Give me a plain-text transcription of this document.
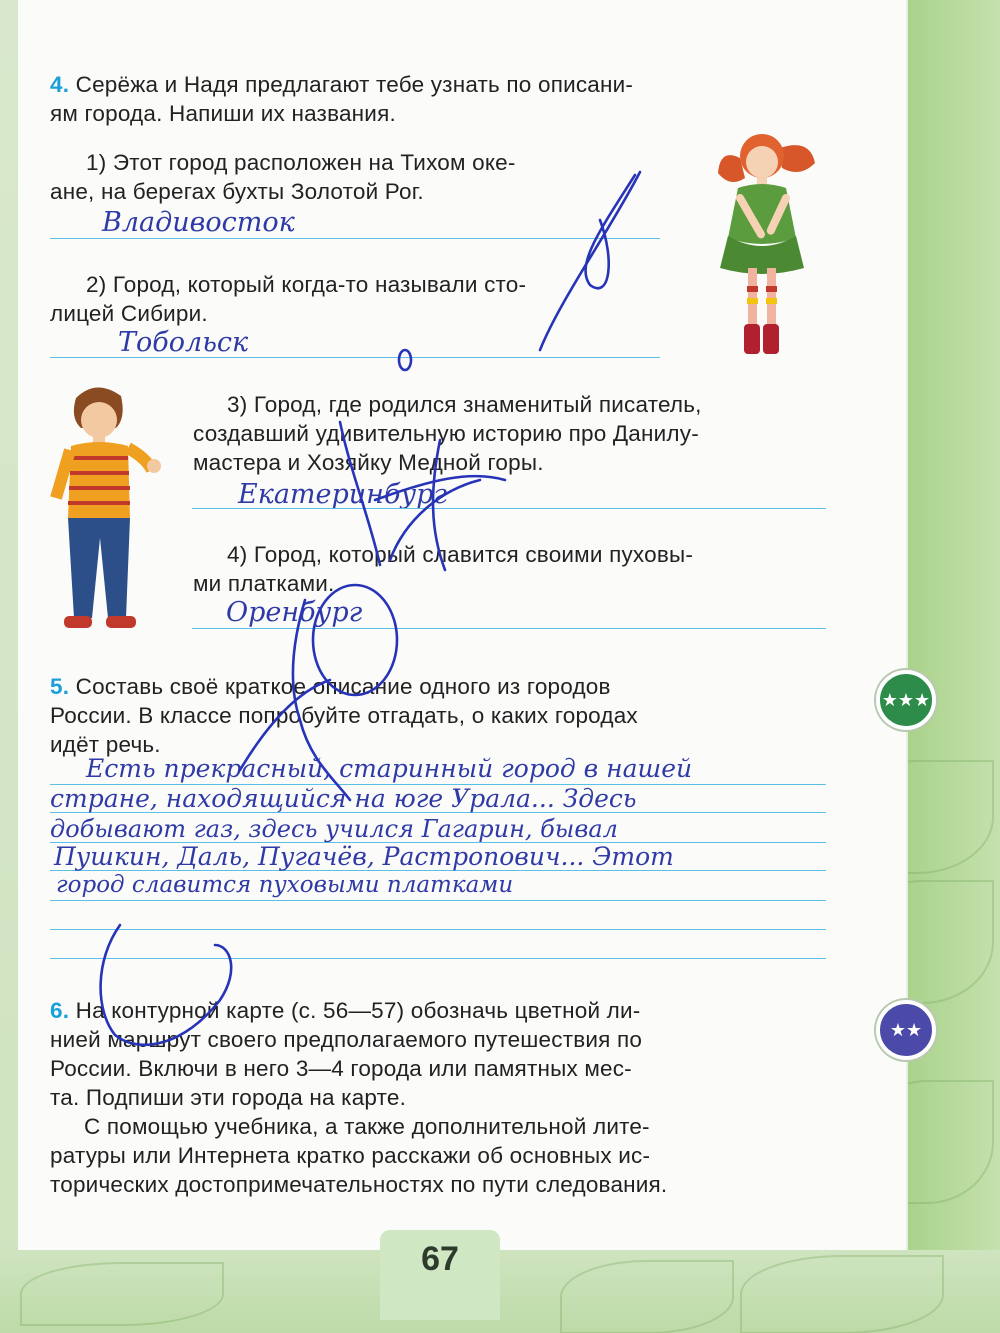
4. Серёжа и Надя предлагают тебе узнать по описани-
ям города. Напиши их названия.
1) Этот город расположен на Тихом оке-
ане, на берегах бухты Золотой Рог.
Владивосток
2) Город, который когда-то называли сто-
лицей Сибири.
Тобольск
3) Город, где родился знаменитый писатель,
создавший удивительную историю про Данилу-
мастера и Хозяйку Медной горы.
Екатеринбург
4) Город, который славится своими пуховы-
ми платками.
Оренбург
5. Составь своё краткое описание одного из городов
России. В классе попробуйте отгадать, о каких городах
идёт речь.
Есть прекрасный, старинный город в нашей
стране, находящийся на юге Урала... Здесь
добывают газ, здесь учился Гагарин, бывал
Пушкин, Даль, Пугачёв, Растропович... Этот
город славится пуховыми платками
6. На контурной карте (с. 56—57) обозначь цветной ли-
нией маршрут своего предполагаемого путешествия по
России. Включи в него 3—4 города или памятных мес-
та. Подпиши эти города на карте.
С помощью учебника, а также дополнительной лите-
ратуры или Интернета кратко расскажи об основных ис-
торических достопримечательностях по пути следования.
★★★
★★
67
